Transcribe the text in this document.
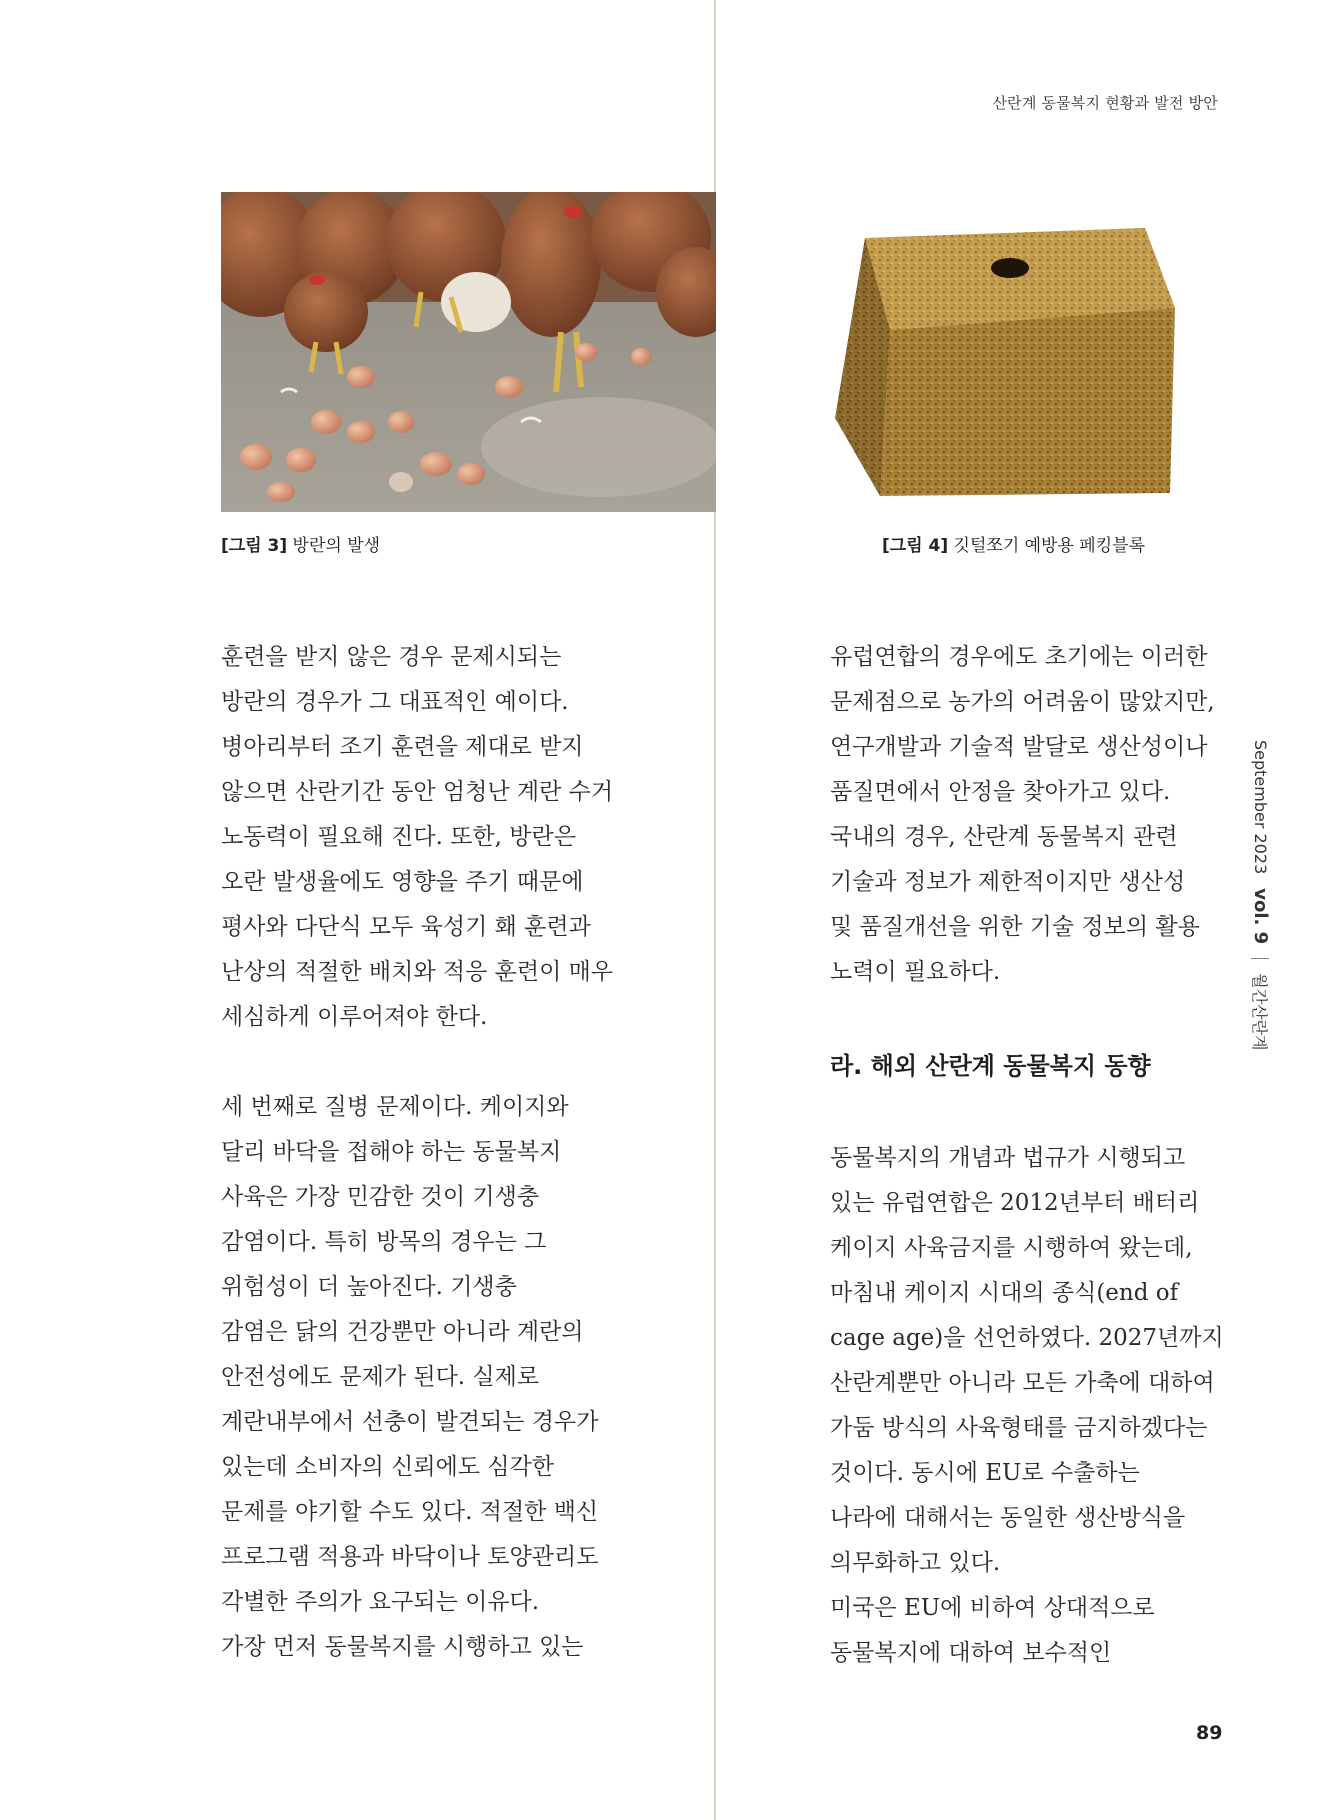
산란계 동물복지 현황과 발전 방안

[그림 3] 방란의 발생	[그림 4] 깃털쪼기 예방용 페킹블록

훈련을 받지 않은 경우 문제시되는

방란의 경우가 그 대표적인 예이다.

병아리부터 조기 훈련을 제대로 받지

않으면 산란기간 동안 엄청난 계란 수거

노동력이 필요해 진다. 또한, 방란은

오란 발생율에도 영향을 주기 때문에

평사와 다단식 모두 육성기 홰 훈련과

난상의 적절한 배치와 적응 훈련이 매우

세심하게 이루어져야 한다.

세 번째로 질병 문제이다. 케이지와

달리 바닥을 접해야 하는 동물복지

사육은 가장 민감한 것이 기생충

감염이다. 특히 방목의 경우는 그

위험성이 더 높아진다. 기생충

감염은 닭의 건강뿐만 아니라 계란의

안전성에도 문제가 된다. 실제로

계란내부에서 선충이 발견되는 경우가

있는데 소비자의 신뢰에도 심각한

문제를 야기할 수도 있다. 적절한 백신

프로그램 적용과 바닥이나 토양관리도

각별한 주의가 요구되는 이유다.

가장 먼저 동물복지를 시행하고 있는

유럽연합의 경우에도 초기에는 이러한

문제점으로 농가의 어려움이 많았지만,

연구개발과 기술적 발달로 생산성이나

품질면에서 안정을 찾아가고 있다.

국내의 경우, 산란계 동물복지 관련

기술과 정보가 제한적이지만 생산성

및 품질개선을 위한 기술 정보의 활용

노력이 필요하다.

라. 해외 산란계 동물복지 동향

동물복지의 개념과 법규가 시행되고

있는 유럽연합은 2012년부터 배터리

케이지 사육금지를 시행하여 왔는데,

마침내 케이지 시대의 종식(end of

cage age)을 선언하였다. 2027년까지

산란계뿐만 아니라 모든 가축에 대하여

가둠 방식의 사육형태를 금지하겠다는

것이다. 동시에 EU로 수출하는

나라에 대해서는 동일한 생산방식을

의무화하고 있다.

미국은 EU에 비하여 상대적으로

동물복지에 대하여 보수적인

September 2023
vol. 9
월간산란계

89
